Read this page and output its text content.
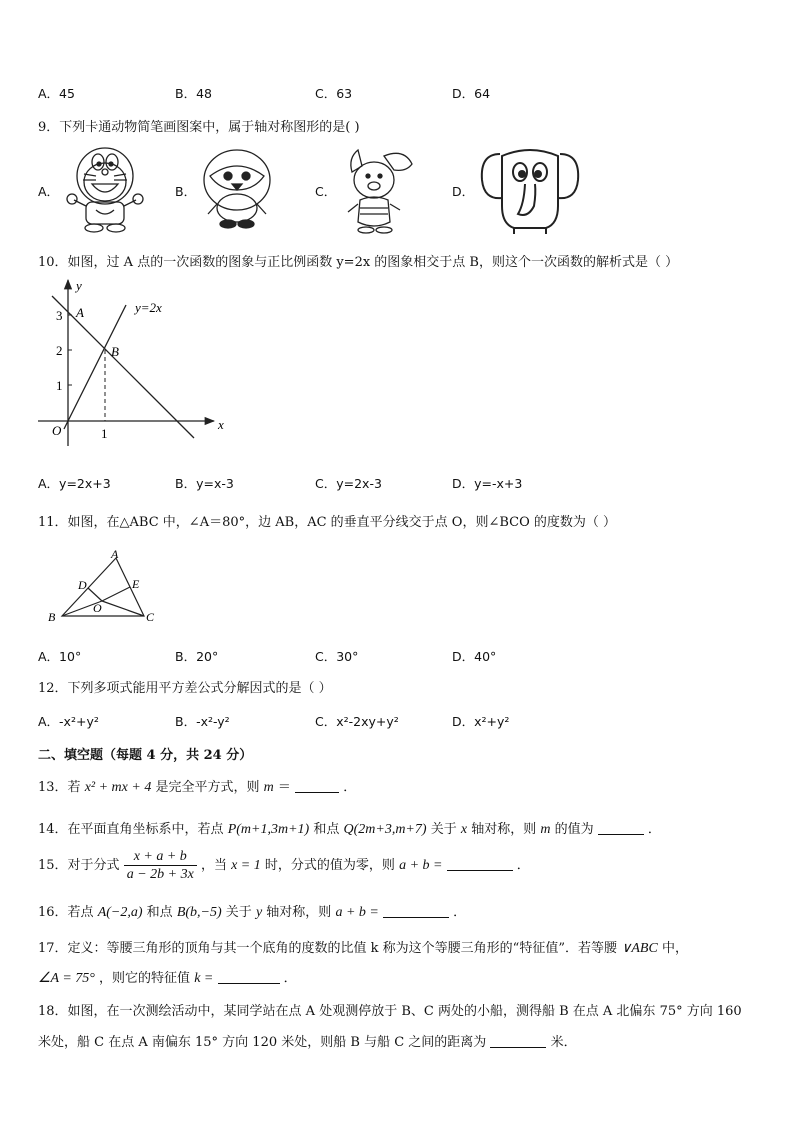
A．45	B．48	C．63	D．64
9．下列卡通动物简笔画图案中，属于轴对称图形的是( )
A．	B．	C．	D．
10．如图，过 A 点的一次函数的图象与正比例函数 y=2x 的图象相交于点 B，则这个一次函数的解析式是（ ）
y
x
O
3
2
1
1
A
B
y=2x
A．y=2x+3	B．y=x-3	C．y=2x-3	D．y=-x+3
11．如图，在△ABC 中，∠A＝80°，边 AB，AC 的垂直平分线交于点 O，则∠BCO 的度数为（ ）
A
B	C
D	E
O
A．10°	B．20°	C．30°	D．40°
12．下列多项式能用平方差公式分解因式的是（ ）
A．-x²+y²	B．-x²-y²	C．x²-2xy+y²	D．x²+y²
二、填空题（每题 4 分，共 24 分）
13．若 x² + mx + 4 是完全平方式，则 m ＝	．
14．在平面直角坐标系中，若点 P(m+1,3m+1) 和点 Q(2m+3,m+7) 关于 x 轴对称，则 m 的值为	．
15．对于分式 $\frac{x + a + b}{a - 2b + 3x}$ ，当 x = 1 时，分式的值为零，则 a + b =	．
16．若点 A(−2,a) 和点 B(b,−5) 关于 y 轴对称，则 a + b =	．
17．定义：等腰三角形的顶角与其一个底角的度数的比值 k 称为这个等腰三角形的“特征值”．若等腰 ∨ABC 中，
∠A = 75° ，则它的特征值 k =	．
18．如图，在一次测绘活动中，某同学站在点 A 处观测停放于 B、C 两处的小船，测得船 B 在点 A 北偏东 75° 方向 160
米处，船 C 在点 A 南偏东 15° 方向 120 米处，则船 B 与船 C 之间的距离为	米．
